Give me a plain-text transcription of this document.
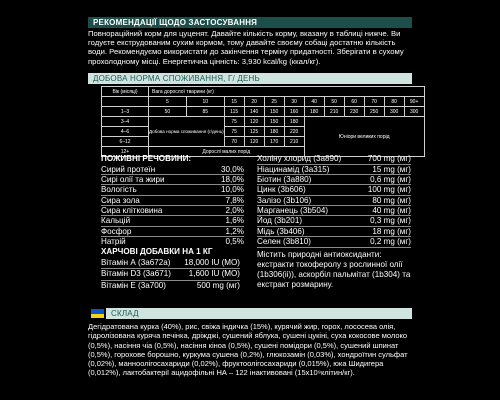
РЕКОМЕНДАЦІЇ ЩОДО ЗАСТОСУВАННЯ
Повнораційний корм для цуценят. Давайте кількість корму, вказану в таблиці нижче. Ви годуєте екструдованим сухим кормом, тому давайте своєму собаці достатню кількість води. Рекомендуємо використати до закінчення терміну придатності. Зберігати в сухому прохолодному місці. Енергетична цінність: 3,930 kcal/kg (ккал/кг).
ДОБОВА НОРМА СПОЖИВАННЯ, Г/ ДЕНЬ
Вік (місяці)	Вага дорослої тварини (кг)											
	5	10	15	20	25	30	40	50	60	70	80	90+
1–3	50	85	115	140	150	160	180	210	230	250	300	300
3–4	Добова норма споживання (г/день)		75	120	150	180	Юніори великих порід					
4–6			75	125	180	220						
6–12			70	120	170	210						
12+	Дорослі малих порід											
ПОЖИВНІ РЕЧОВИНИ:
Сирий протеїн	30,0%
Сирі олії та жири	18,0%
Вологість	10,0%
Сира зола	7,8%
Сира клітковина	2,0%
Кальцій	1,6%
Фосфор	1,2%
Натрій	0,5%
ХАРЧОВІ ДОБАВКИ НА 1 КГ
Вітамін А (3а672а) 18,000 IU (МО)
Вітамін D3 (3а671) 1,600 IU (МО)
Вітамін Е (3а700)	500 mg (мг)
Холіну хлорид (3а890)	700 mg (мг)
Ніацинамід (3а315)	15 mg (мг)
Біотин (3а880)	0,6 mg (мг)
Цинк (3b606)	100 mg (мг)
Залізо (3b106)	80 mg (мг)
Марганець (3b504)	40 mg (мг)
Йод (3b201)	0,3 mg (мг)
Мідь (3b406)	18 mg (мг)
Селен (3b810)	0,2 mg (мг)
Містить природні антиоксиданти: екстракти токоферолу з рослинної олії (1b306(ii)), аскорбіл пальмітат (1b304) та екстракт розмарину.
СКЛАД
Дегідратована курка (40%), рис, свіжа індичка (15%), курячий жир, горох, лососева олія, гідролізована куряча печінка, дріжджі, сушений яблука, сушені цукіні, суха кокосове молоко (0,5%), насіння чіа (0,5%), насіння кіноа (0,5%), сушені помідори (0,5%), сушений шпинат (0,5%), горохове борошно, куркума сушена (0,2%), глюкозамін (0,03%), хондроїтин сульфат (0,02%), манноолігосахариди (0,02%), фруктоолігосахариди (0,015%), юка Шидигера (0,012%), лактобактерії ацидофільні НА – 122 інактивовані (15x10⁹клітин/кг).
